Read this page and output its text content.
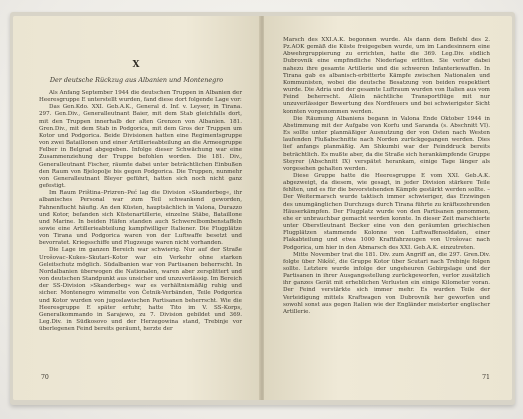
X
Der deutsche Rückzug aus Albanien und Montenegro

Als Anfang September 1944 die deutschen Truppen in Albanien der Heeresgruppe E unterstellt wurden, fand diese dort folgende Lage vor:

Das Gen.Kdo. XXI. Geb.A.K., General d. Inf. v. Leyser, in Tirana. 297. Gen.Div., Generalleutnant Baier, mit dem Stab gleichfalls dort, mit den Truppen innerhalb der alten Grenzen von Albanien. 181. Gren.Div., mit dem Stab in Podgorica, mit dem Gros der Truppen um Kotor und Podgorica. Beide Divisionen hatten eine Regimentsgruppe von zwei Bataillonen und einer Artillerieabteilung an die Armeegruppe Felber in Belgrad abgegeben. Infolge dieser Schwächung war eine Zusammenziehung der Truppe befohlen worden. Die 181. Div., Generalleutnant Fischer, räumte dabei unter beträchtlichen Einbußen den Raum von Bjelopolje bis gegen Podgorica. Die Truppen, nunmehr von Generalleutnant Bleyer geführt, hatten sich noch nicht ganz gefestigt.

Im Raum Priština–Prizren–Peć lag die Division »Skanderbeg«, ihr albanisches Personal war zum Teil schwankend geworden, Fahnenflucht häufig. An den Küsten, hauptsächlich in Valona, Durazzo und Kotor, befanden sich Küstenartillerie, einzelne Stäbe, Bataillone und Marine. In beiden Häfen standen auch Schwerelbombenstaffeln sowie eine Artillerieabteilung kampfwilliger Italiener. Die Flugplätze von Tirana und Podgorica waren von der Luftwaffe besetzt und bevorratet. Kriegsschiffe und Flugzeuge waren nicht vorhanden.

Die Lage im ganzen Bereich war schwierig. Nur auf der Straße Urošovac–Kukes–Skutari–Kotor war ein Verkehr ohne starken Geleitschutz möglich. Südalbanien war von Partisanen beherrscht. In Nordalbanien überwogen die Nationalen, waren aber zersplittert und von deutschen Standpunkt aus unsicher und unzuverlässig. Im Bereich der SS-Division »Skanderbeg« war es verhältnismäßig ruhig und sicher. Montenegro wimmelte von Četnik-Verbänden, Teile Podgorica und Kotor wurden von jugoslawischen Partisanen beherrscht. Wie die Heeresgruppe E später erfuhr, hatte Tito im V. SS-Korps, Generalkommando in Sarajewo, zu 7. Division gebildet und 369. Leg.Div. in Südkosovo und der Herzegowina stand, Trebinje vor überlegenen Feind bereits geräumt, herzte der

70

Marsch des XXI.A.K. begonnen wurde. Als dann dem Befehl des 2. Pz.AOK gemäß die Küste freigegeben wurde, um im Landesinnern eine Abwehrgruppierung zu errichten, hatte die 369. Leg.Div. südlich Dubrovnik eine empfindliche Niederlage erlitten. Sie verlor dabei nahezu ihre gesamte Artillerie und die schweren Infanteriewaffen. In Tirana gab es albanisch-erbitterte Kämpfe zwischen Nationalen und Kommunisten, wobei die deutsche Besatzung von beiden respektiert wurde. Die Adria und der gesamte Luftraum wurden von Italien aus vom Feind beherrscht. Allein nächtliche Transportflüge mit nur unzuverlässiger Bewertung des Nordfeuers und bei schwierigster Sicht konnten vorgenommen werden.

Die Räumung Albaniens begann in Valona Ende Oktober 1944 in Abstimmung mit der Aufgabe von Korfu und Saranda (s. Abschnitt VI). Es sollte unter planmäßiger Ausnutzung der von Osten nach Westen laufenden Flußabschnitte nach Norden zurückgegangen werden. Dies lief anfangs planmäßig. Am Shkumbi war der Feinddruck bereits beträchtlich. Es mußte aber, da die Straße sich herankämpfende Gruppe Steyrer (Abschnitt IX) verspätet herankam, einige Tage länger als vorgesehen gehalten werden.

Diese Gruppe hatte die Heeresgruppe E vom XXI. Geb.A.K. abgezweigt, da diesem, wie gesagt, in jeder Division stärkere Teile fehlten, und es für die bevorstehenden Kämpfe gestärkt werden sollte. – Der Weitermarsch wurde taktisch immer schwieriger, das Erzwingen des unumgänglichen Durchzugs durch Tirana führte zu kräftezehrenden Häuserkämpfen. Der Flugplatz wurde von den Partisanen genommen, ehe er unbrauchbar gemacht werden konnte. In dieser Zeit marschierte unter Oberstleutnant Becker eine von den geräumten griechischen Flugplätzen stammende Kolonne von Luftwaffensoldaten, einer Flakabteilung und etwa 1000 Kraftfahrzeugen von Urošovac nach Podgorica, um hier in den Abmarsch des XXI. Geb.A.K. einzutreten.

Mitte November trat die 181. Div. zum Angriff an, die 297. Gren.Div. folgte über Nikšić, die Gruppe Kotor über Scutari nach Trebinje folgen sollte. Letztere wurde infolge der ungeheuren Gebirgslage und der Partisanen in ihrer Ausgangsstellung zurückgeworfen, verlor zusätzlich ihr ganzes Gerät mit erheblichen Verlusten ein einige Kilometer voran. Der Feind verstärkte sich immer mehr. Es wurden Teile der Verteidigung mittels Kraftwagen von Dubrovnik her geworfen und sowohl sonst aus gegen Italien wie der Engländer meisterter englischer Artillerie.

71
